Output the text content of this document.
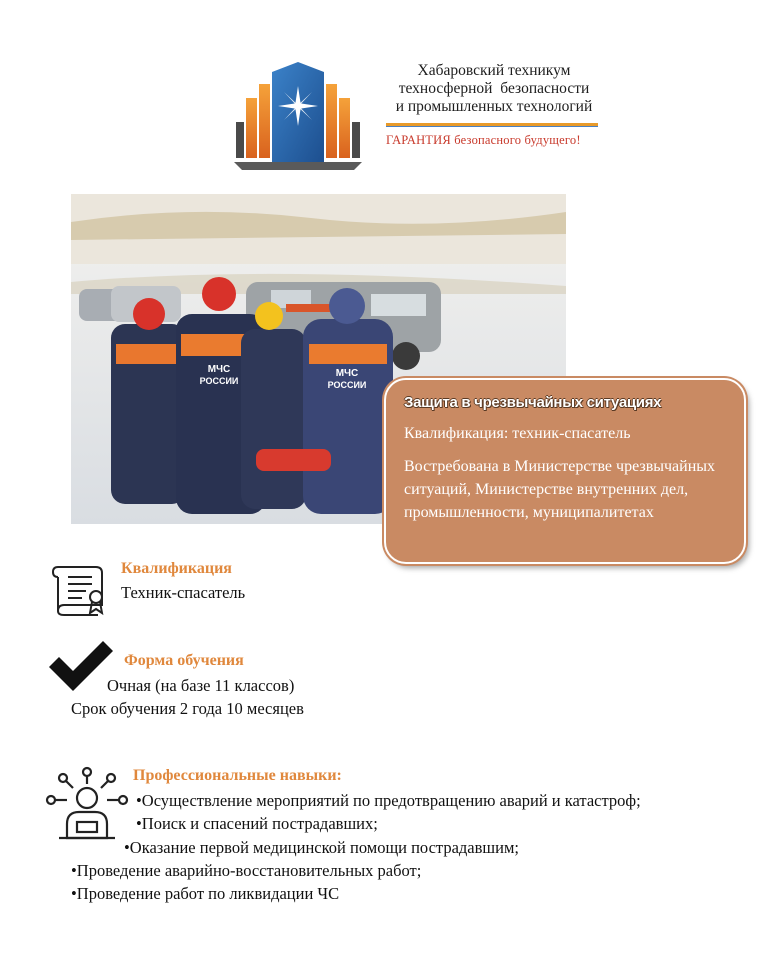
Хабаровский техникум
техносферной безопасности
и промышленных технологий
ГАРАНТИЯ безопасного будущего!
МЧС
РОССИИ
МЧС
РОССИИ
Защита в чрезвычайных ситуациях
Квалификация: техник-спасатель
Востребована в Министерстве чрезвычайных ситуаций, Министерстве внутренних дел, промышленности, муниципалитетах
Квалификация
Техник-спасатель
Форма обучения
Очная (на базе 11 классов)
Срок обучения 2 года 10 месяцев
Профессиональные навыки:
•Осуществление мероприятий по предотвращению аварий и катастроф;
•Поиск и спасений пострадавших;
•Оказание первой медицинской помощи пострадавшим;
•Проведение аварийно-восстановительных работ;
•Проведение работ по ликвидации ЧС
